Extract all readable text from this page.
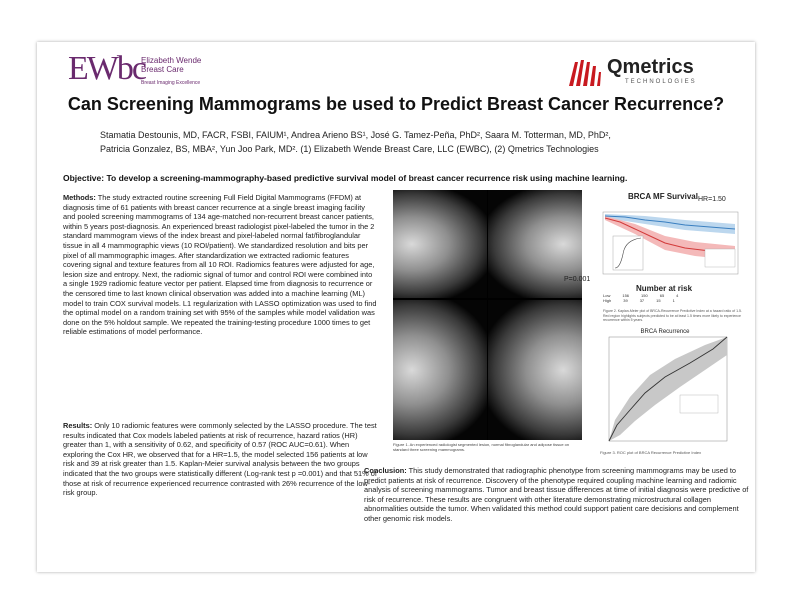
EWbc
Elizabeth Wende
Breast Care
Breast Imaging Excellence
Qmetrics
TECHNOLOGIES
Can Screening Mammograms be used to Predict Breast Cancer Recurrence?
Stamatia Destounis, MD, FACR, FSBI, FAIUM¹, Andrea Arieno BS¹, José G. Tamez-Peña, PhD², Saara M. Totterman, MD, PhD²,
Patricia Gonzalez, BS, MBA², Yun Joo Park, MD². (1) Elizabeth Wende Breast Care, LLC (EWBC), (2) Qmetrics Technologies
Objective: To develop a screening-mammography-based predictive survival model of breast cancer recurrence risk using machine learning.
Methods: The study extracted routine screening Full Field Digital Mammograms (FFDM) at diagnosis time of 61 patients with breast cancer recurrence at a single breast imaging facility and pooled screening mammograms of 134 age-matched non-recurrent breast cancer patients, within 5 years post-diagnosis. An experienced breast radiologist pixel-labeled the tumor in the 2 standard mammogram views of the index breast and pixel-labeled normal fat/fibroglandular tissue in all 4 mammographic views (10 ROI/patient). We standardized resolution and bits per pixel of all mammographic images. After standardization we extracted radiomic features covering signal and texture features from all 10 ROI. Radiomics features were adjusted for age, lesion size and entropy. Next, the radiomic signal of tumor and control ROI were combined into a single 1929 radiomic feature vector per patient. Elapsed time from diagnosis to recurrence or the censored time to last known clinical observation was added into a machine learning (ML) model to train COX survival models. L1 regularization with LASSO optimization was used to find the optimal model on a random training set with 95% of the samples while model validation was done on the 5% holdout sample. We repeated the training-testing procedure 1000 times to get reliable estimations of model performance.
Results: Only 10 radiomic features were commonly selected by the LASSO procedure. The test results indicated that Cox models labeled patients at risk of recurrence, hazard ratios (HR) greater than 1, with a sensitivity of 0.62, and specificity of 0.57 (ROC AUC=0.61). When exploring the Cox HR, we observed that for a HR=1.5, the model selected 156 patients at low risk and 39 at risk greater than 1.5. Kaplan-Meier survival analysis between the two groups indicated that the two groups were statistically different (Log-rank test p =0.001) and that 51% of those at risk of recurrence experienced recurrence contrasted with 26% recurrence of the low-risk group.
Conclusion: This study demonstrated that radiographic phenotype from screening mammograms may be used to predict patients at risk of recurrence. Discovery of the phenotype required coupling machine learning and radiomic analysis of screening mammograms. Tumor and breast tissue differences at time of initial diagnosis were predictive of risk of recurrence. These results are congruent with other literature demonstrating microstructural collagen abnormalities outside the tumor. When validated this method could support patient care decisions and complement other genomic risk models.
Figure 1. An experienced radiologist segmented lesion, normal fibroglandular and adipose tissue on standard three screening mammograms.
BRCA MF Survival HR=1.50
P=0.001
Number at risk
Low	156	150	65	4
High	39	37	15	1
Figure 2. Kaplan-Meier plot of BRCA-Recurrence Predictive Index at a hazard ratio of 1.5. Red region highlights subjects predicted to be at least 1.5 times more likely to experience recurrence within 5 years.
BRCA Recurrence
Figure 3. ROC plot of BRCA Recurrence Predictive Index
